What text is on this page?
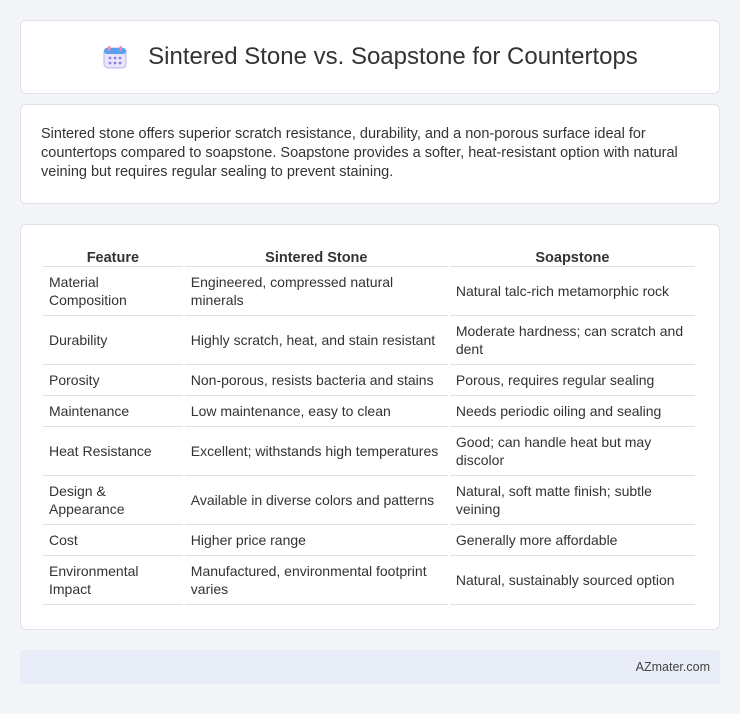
Sintered Stone vs. Soapstone for Countertops

Sintered stone offers superior scratch resistance, durability, and a non-porous surface ideal for countertops compared to soapstone. Soapstone provides a softer, heat-resistant option with natural veining but requires regular sealing to prevent staining.

Feature	Sintered Stone	Soapstone
Material Composition	Engineered, compressed natural minerals	Natural talc-rich metamorphic rock
Durability	Highly scratch, heat, and stain resistant	Moderate hardness; can scratch and dent
Porosity	Non-porous, resists bacteria and stains	Porous, requires regular sealing
Maintenance	Low maintenance, easy to clean	Needs periodic oiling and sealing
Heat Resistance	Excellent; withstands high temperatures	Good; can handle heat but may discolor
Design & Appearance	Available in diverse colors and patterns	Natural, soft matte finish; subtle veining
Cost	Higher price range	Generally more affordable
Environmental Impact	Manufactured, environmental footprint varies	Natural, sustainably sourced option
AZmater.com
